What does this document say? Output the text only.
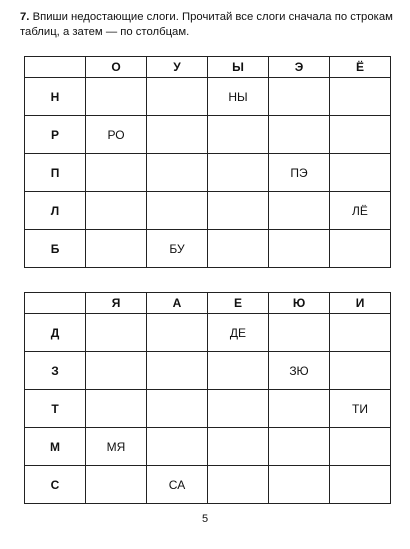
7. Впиши недостающие слоги. Прочитай все слоги сначала по строкам таблиц, а затем — по столбцам.
	О	У	Ы	Э	Ё
Н			НЫ		
Р	РО				
П				ПЭ	
Л					ЛЁ
Б		БУ			
	Я	А	Е	Ю	И
Д			ДЕ		
З				ЗЮ	
Т					ТИ
М	МЯ				
С		СА			
5
